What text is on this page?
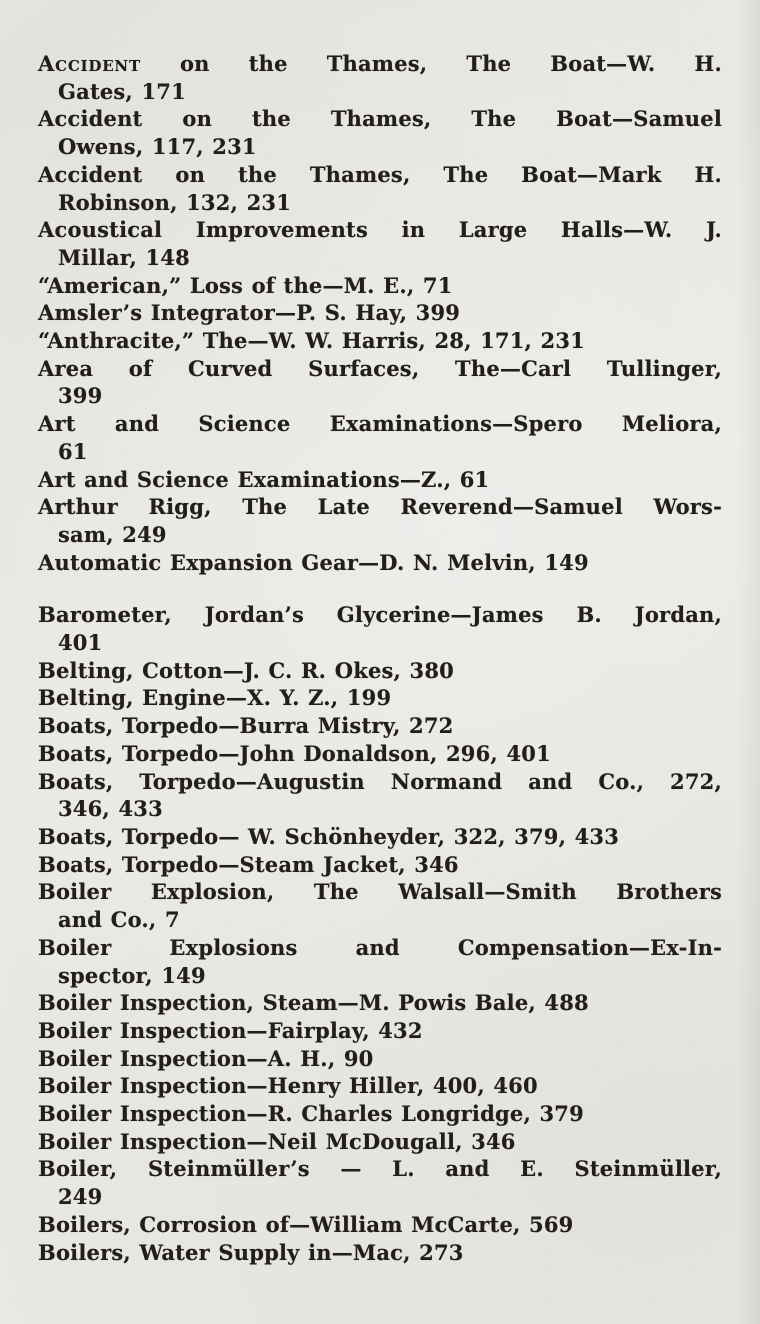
Accident on the Thames, The Boat—W. H.
Gates, 171
Accident on the Thames, The Boat—Samuel
Owens, 117, 231
Accident on the Thames, The Boat—Mark H.
Robinson, 132, 231
Acoustical Improvements in Large Halls—W. J.
Millar, 148
“American,” Loss of the—M. E., 71
Amsler’s Integrator—P. S. Hay, 399
“Anthracite,” The—W. W. Harris, 28, 171, 231
Area of Curved Surfaces, The—Carl Tullinger,
399
Art and Science Examinations—Spero Meliora,
61
Art and Science Examinations—Z., 61
Arthur Rigg, The Late Reverend—Samuel Wors-
sam, 249
Automatic Expansion Gear—D. N. Melvin, 149
Barometer, Jordan’s Glycerine—James B. Jordan,
401
Belting, Cotton—J. C. R. Okes, 380
Belting, Engine—X. Y. Z., 199
Boats, Torpedo—Burra Mistry, 272
Boats, Torpedo—John Donaldson, 296, 401
Boats, Torpedo—Augustin Normand and Co., 272,
346, 433
Boats, Torpedo— W. Schönheyder, 322, 379, 433
Boats, Torpedo—Steam Jacket, 346
Boiler Explosion, The Walsall—Smith Brothers
and Co., 7
Boiler Explosions and Compensation—Ex-In-
spector, 149
Boiler Inspection, Steam—M. Powis Bale, 488
Boiler Inspection—Fairplay, 432
Boiler Inspection—A. H., 90
Boiler Inspection—Henry Hiller, 400, 460
Boiler Inspection—R. Charles Longridge, 379
Boiler Inspection—Neil McDougall, 346
Boiler, Steinmüller’s — L. and E. Steinmüller,
249
Boilers, Corrosion of—William McCarte, 569
Boilers, Water Supply in—Mac, 273
